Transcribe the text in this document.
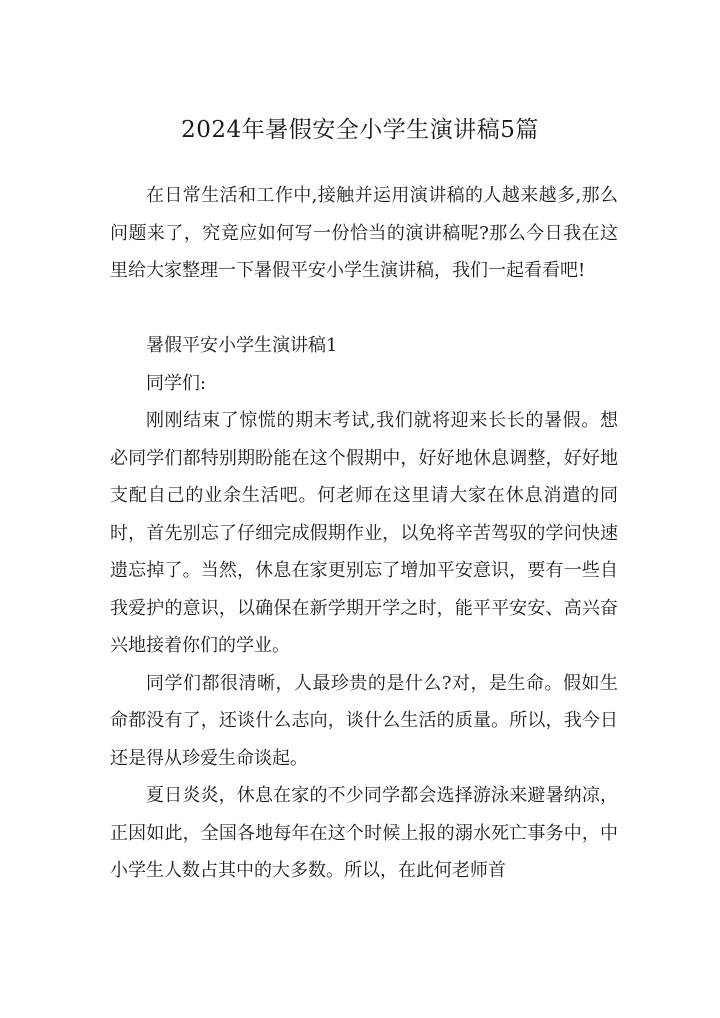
2024年暑假安全小学生演讲稿5篇

在日常生活和工作中,接触并运用演讲稿的人越来越多,那么问题来了，究竟应如何写一份恰当的演讲稿呢?那么今日我在这里给大家整理一下暑假平安小学生演讲稿，我们一起看看吧!

暑假平安小学生演讲稿1

同学们:

刚刚结束了惊慌的期末考试,我们就将迎来长长的暑假。想必同学们都特别期盼能在这个假期中，好好地休息调整，好好地支配自己的业余生活吧。何老师在这里请大家在休息消遣的同时，首先别忘了仔细完成假期作业，以免将辛苦驾驭的学问快速遗忘掉了。当然，休息在家更别忘了增加平安意识，要有一些自我爱护的意识，以确保在新学期开学之时，能平平安安、高兴奋兴地接着你们的学业。

同学们都很清晰，人最珍贵的是什么?对，是生命。假如生命都没有了，还谈什么志向，谈什么生活的质量。所以，我今日还是得从珍爱生命谈起。

夏日炎炎，休息在家的不少同学都会选择游泳来避暑纳凉，正因如此，全国各地每年在这个时候上报的溺水死亡事务中，中小学生人数占其中的大多数。所以，在此何老师首
